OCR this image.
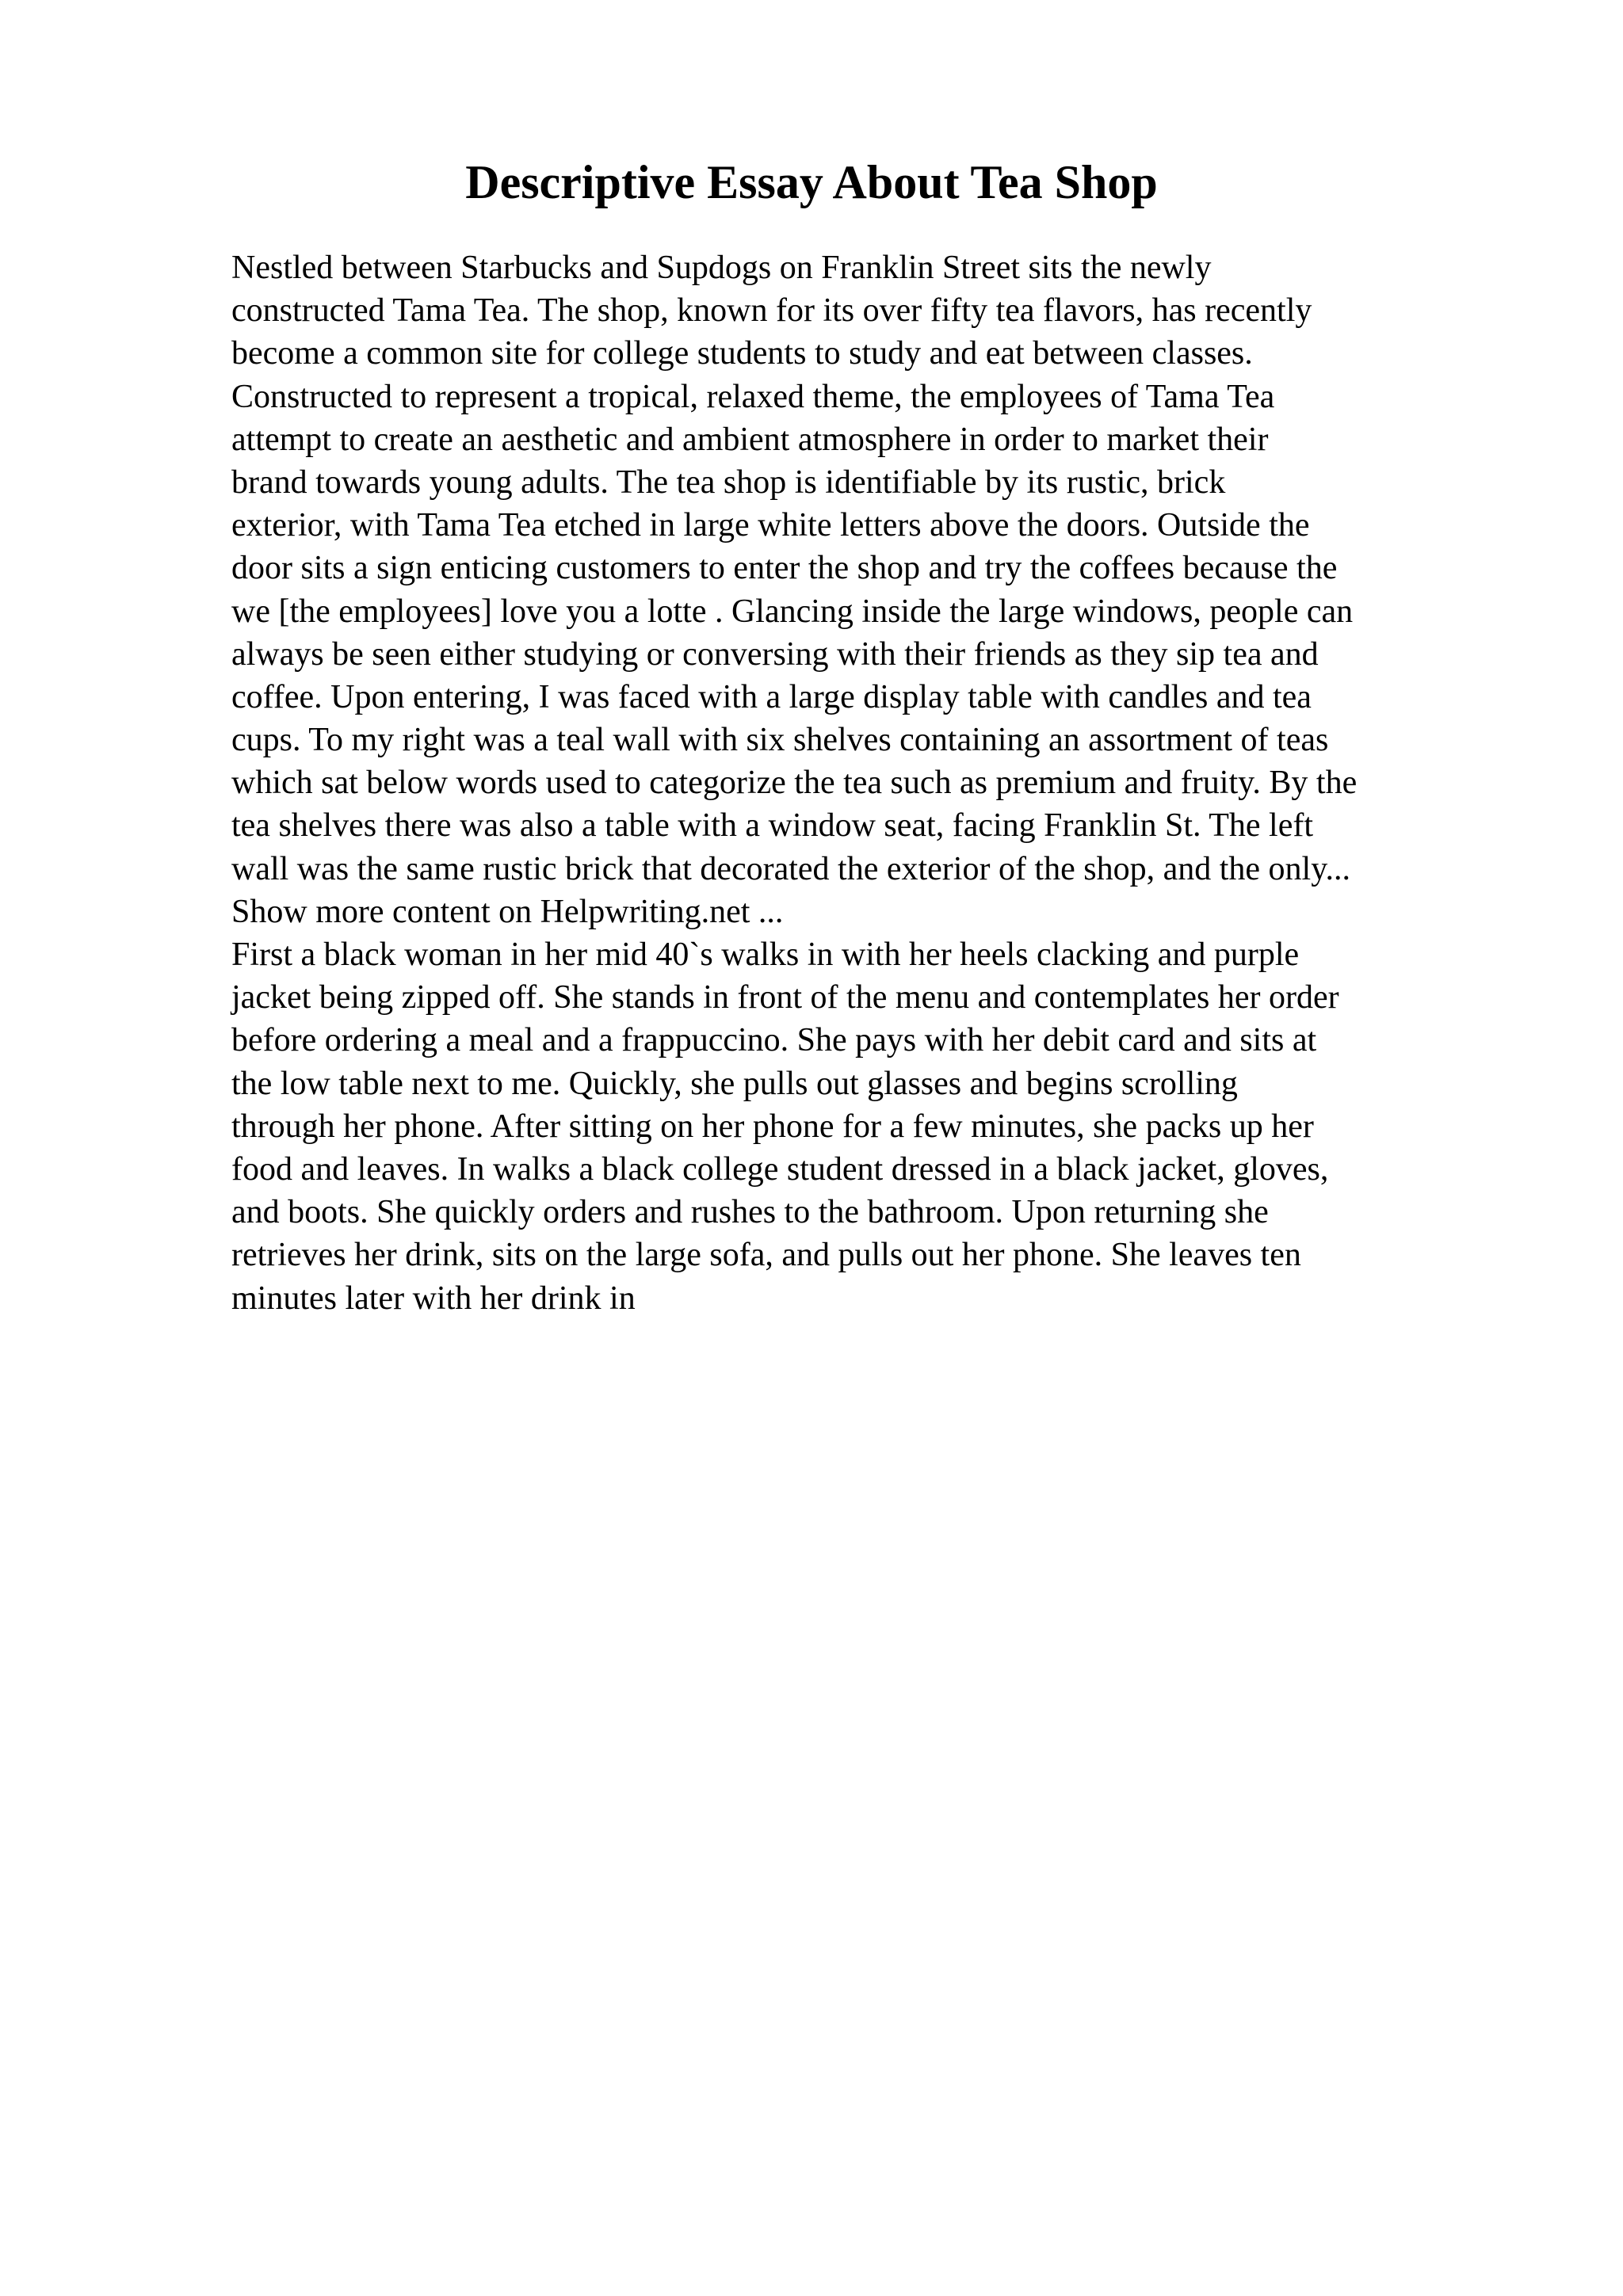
Descriptive Essay About Tea Shop
Nestled between Starbucks and Supdogs on Franklin Street sits the newly
constructed Tama Tea. The shop, known for its over fifty tea flavors, has recently
become a common site for college students to study and eat between classes.
Constructed to represent a tropical, relaxed theme, the employees of Tama Tea
attempt to create an aesthetic and ambient atmosphere in order to market their
brand towards young adults. The tea shop is identifiable by its rustic, brick
exterior, with Tama Tea etched in large white letters above the doors. Outside the
door sits a sign enticing customers to enter the shop and try the coffees because the
we [the employees] love you a lotte . Glancing inside the large windows, people can
always be seen either studying or conversing with their friends as they sip tea and
coffee. Upon entering, I was faced with a large display table with candles and tea
cups. To my right was a teal wall with six shelves containing an assortment of teas
which sat below words used to categorize the tea such as premium and fruity. By the
tea shelves there was also a table with a window seat, facing Franklin St. The left
wall was the same rustic brick that decorated the exterior of the shop, and the only...
Show more content on Helpwriting.net ...
First a black woman in her mid 40`s walks in with her heels clacking and purple
jacket being zipped off. She stands in front of the menu and contemplates her order
before ordering a meal and a frappuccino. She pays with her debit card and sits at
the low table next to me. Quickly, she pulls out glasses and begins scrolling
through her phone. After sitting on her phone for a few minutes, she packs up her
food and leaves. In walks a black college student dressed in a black jacket, gloves,
and boots. She quickly orders and rushes to the bathroom. Upon returning she
retrieves her drink, sits on the large sofa, and pulls out her phone. She leaves ten
minutes later with her drink in
